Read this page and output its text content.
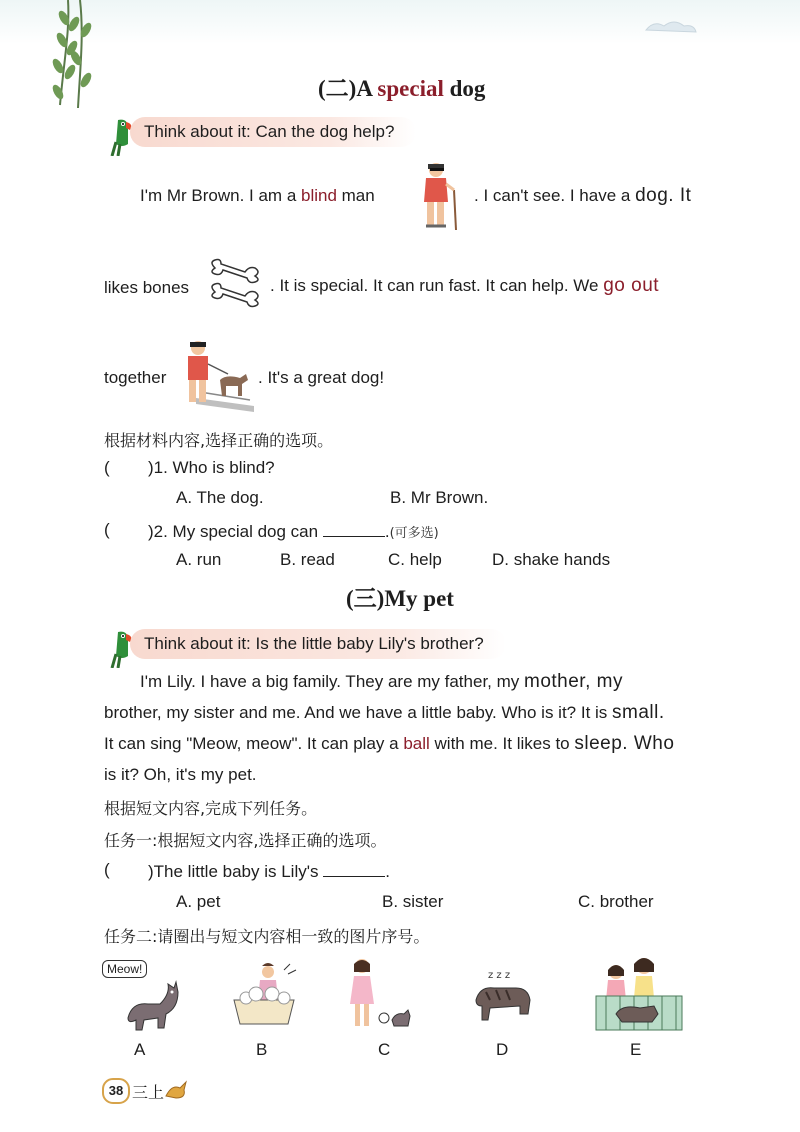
(二)A special dog
Think about it: Can the dog help?
I'm Mr Brown. I am a blind man	. I can't see. I have a dog. It
likes bones	. It is special. It can run fast. It can help. We go out
together	. It's a great dog!
根据材料内容,选择正确的选项。
( )1. Who is blind?
A. The dog.	B. Mr Brown.
( )2. My special dog can	.(可多选)
A. run	B. read	C. help	D. shake hands
(三)My pet
Think about it: Is the little baby Lily's brother?
I'm Lily. I have a big family. They are my father, my mother, my
brother, my sister and me. And we have a little baby. Who is it? It is small.
It can sing "Meow, meow". It can play a ball with me. It likes to sleep. Who
is it? Oh, it's my pet.
根据短文内容,完成下列任务。
任务一:根据短文内容,选择正确的选项。
( )The little baby is Lily's	.
A. pet	B. sister	C. brother
任务二:请圈出与短文内容相一致的图片序号。
Meow!
A	B	C
z z z
D	E
38 三上
